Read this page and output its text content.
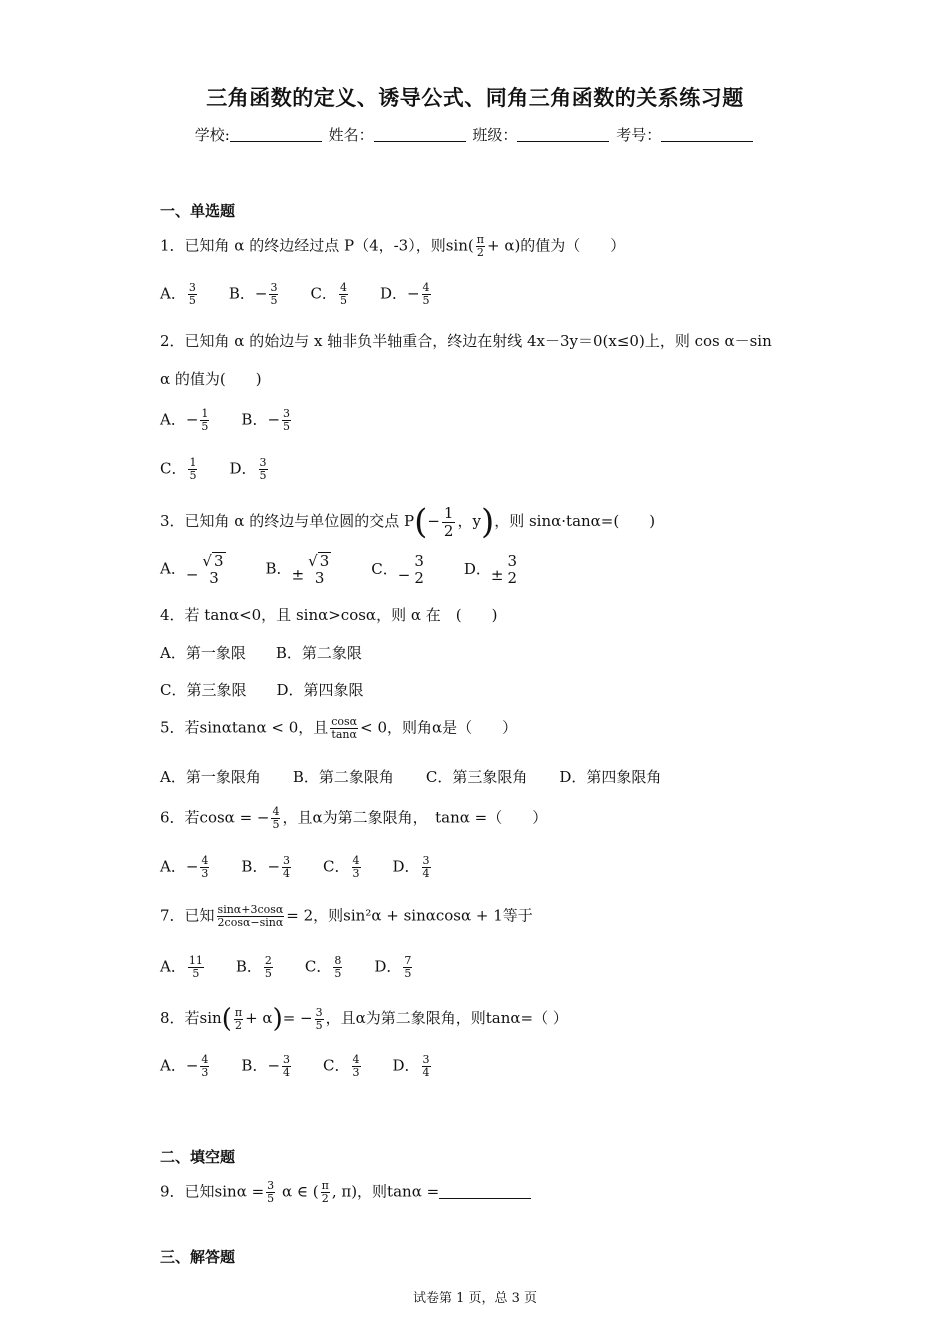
三角函数的定义、诱导公式、同角三角函数的关系练习题
学校:	姓名：	班级：	考号：
一、单选题
1．已知角 α 的终边经过点 P（4，-3），则$\sin( \frac{\pi}{2} + \alpha)$的值为（　　）
A． $\frac{3}{5}$ B．− $\frac{3}{5}$ C． $\frac{4}{5}$ D．− $\frac{4}{5}$
2．已知角 α 的始边与 x 轴非负半轴重合，终边在射线 4x－3y＝0(x≤0)上，则 cos α－sin
α 的值为(　　)
A．− $\frac{1}{5}$ B．− $\frac{3}{5}$
C． $\frac{1}{5}$ D． $\frac{3}{5}$
3．已知角 α 的终边与单位圆的交点 $P(- \frac{1}{2}$ ，y)，则 sinα·tanα=(　　)
A．−
√ 3
3
B．±
√ 3
3
C．−
3
2	D．±
3
2
4．若 tanα<0，且 sinα>cosα，则 α 在　(　　)
A．第一象限 B．第二象限
C．第三象限 D．第四象限
5．若sinαtanα < 0，且 $\frac{\cos\alpha}{\tan\alpha} < 0$，则角α是（　　）
A．第一象限角 B．第二象限角 C．第三象限角 D．第四象限角
6．若cosα = − $\frac{4}{5}$ ，且α为第二象限角，　tanα =（　　）
A．− $\frac{4}{3}$ B．− $\frac{3}{4}$ C． $\frac{4}{3}$ D． $\frac{3}{4}$
7．已知 $\frac{\sin\alpha+3\cos\alpha}{2\cos\alpha-\sin\alpha} = 2$，则sin²α + sinαcosα + 1等于
A． $\frac{11}{5}$ B． $\frac{2}{5}$ C． $\frac{8}{5}$ D． $\frac{7}{5}$
8．若$\sin( \frac{\pi}{2} + \alpha)= - \frac{3}{5}$ ，且α为第二象限角，则tanα=（ ）
A．− $\frac{4}{3}$ B．− $\frac{3}{4}$ C． $\frac{4}{3}$ D． $\frac{3}{4}$
二、填空题
9．已知$\sin\alpha = \frac{3}{5}$ α ∈ ( $\frac{\pi}{2}$ , π)，则tanα =
三、解答题
试卷第 1 页，总 3 页
